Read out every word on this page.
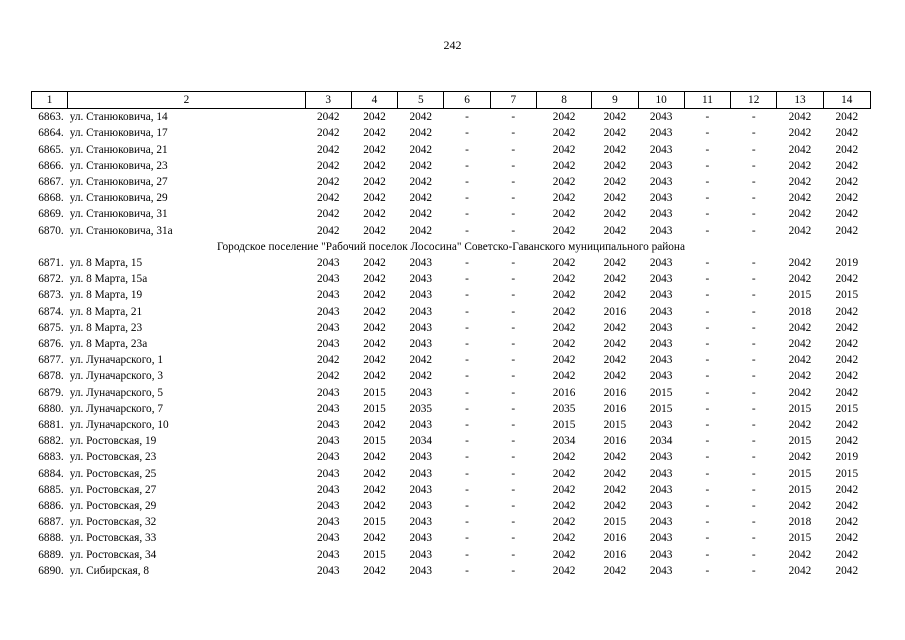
242
1	2	3	4	5	6	7	8	9	10	11	12	13	14
6863.	ул. Станюковича, 14	2042	2042	2042	-	-	2042	2042	2043	-	-	2042	2042
6864.	ул. Станюковича, 17	2042	2042	2042	-	-	2042	2042	2043	-	-	2042	2042
6865.	ул. Станюковича, 21	2042	2042	2042	-	-	2042	2042	2043	-	-	2042	2042
6866.	ул. Станюковича, 23	2042	2042	2042	-	-	2042	2042	2043	-	-	2042	2042
6867.	ул. Станюковича, 27	2042	2042	2042	-	-	2042	2042	2043	-	-	2042	2042
6868.	ул. Станюковича, 29	2042	2042	2042	-	-	2042	2042	2043	-	-	2042	2042
6869.	ул. Станюковича, 31	2042	2042	2042	-	-	2042	2042	2043	-	-	2042	2042
6870.	ул. Станюковича, 31а	2042	2042	2042	-	-	2042	2042	2043	-	-	2042	2042
Городское поселение "Рабочий поселок Лососина" Советско-Гаванского муниципального района													
6871.	ул. 8 Марта, 15	2043	2042	2043	-	-	2042	2042	2043	-	-	2042	2019
6872.	ул. 8 Марта, 15а	2043	2042	2043	-	-	2042	2042	2043	-	-	2042	2042
6873.	ул. 8 Марта, 19	2043	2042	2043	-	-	2042	2042	2043	-	-	2015	2015
6874.	ул. 8 Марта, 21	2043	2042	2043	-	-	2042	2016	2043	-	-	2018	2042
6875.	ул. 8 Марта, 23	2043	2042	2043	-	-	2042	2042	2043	-	-	2042	2042
6876.	ул. 8 Марта, 23а	2043	2042	2043	-	-	2042	2042	2043	-	-	2042	2042
6877.	ул. Луначарского, 1	2042	2042	2042	-	-	2042	2042	2043	-	-	2042	2042
6878.	ул. Луначарского, 3	2042	2042	2042	-	-	2042	2042	2043	-	-	2042	2042
6879.	ул. Луначарского, 5	2043	2015	2043	-	-	2016	2016	2015	-	-	2042	2042
6880.	ул. Луначарского, 7	2043	2015	2035	-	-	2035	2016	2015	-	-	2015	2015
6881.	ул. Луначарского, 10	2043	2042	2043	-	-	2015	2015	2043	-	-	2042	2042
6882.	ул. Ростовская, 19	2043	2015	2034	-	-	2034	2016	2034	-	-	2015	2042
6883.	ул. Ростовская, 23	2043	2042	2043	-	-	2042	2042	2043	-	-	2042	2019
6884.	ул. Ростовская, 25	2043	2042	2043	-	-	2042	2042	2043	-	-	2015	2015
6885.	ул. Ростовская, 27	2043	2042	2043	-	-	2042	2042	2043	-	-	2015	2042
6886.	ул. Ростовская, 29	2043	2042	2043	-	-	2042	2042	2043	-	-	2042	2042
6887.	ул. Ростовская, 32	2043	2015	2043	-	-	2042	2015	2043	-	-	2018	2042
6888.	ул. Ростовская, 33	2043	2042	2043	-	-	2042	2016	2043	-	-	2015	2042
6889.	ул. Ростовская, 34	2043	2015	2043	-	-	2042	2016	2043	-	-	2042	2042
6890.	ул. Сибирская, 8	2043	2042	2043	-	-	2042	2042	2043	-	-	2042	2042
